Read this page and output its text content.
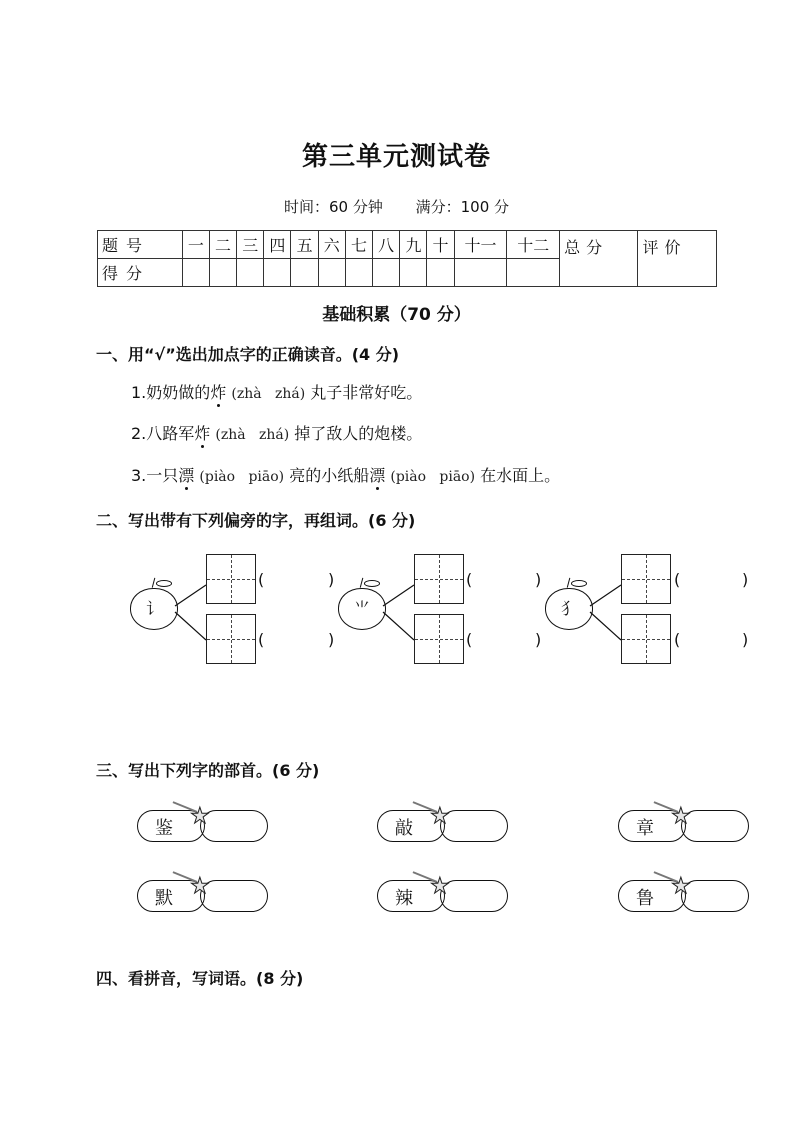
第三单元测试卷
时间：60 分钟 满分：100 分
题号	一	二	三	四	五	六	七	八	九	十	十一	十二	总分	评价
得分														
基础积累（70 分）
一、用“√”选出加点字的正确读音。(4 分)
1.奶奶做的炸 (zhà zhá) 丸子非常好吃。
2.八路军炸 (zhà zhá) 掉了敌人的炮楼。
3.一只漂 (piào piāo) 亮的小纸船漂 (piào piāo) 在水面上。
二、写出带有下列偏旁的字，再组词。(6 分)
讠
(	)
(	)
⺌
(	)
(	)
犭
(	)
(	)
三、写出下列字的部首。(6 分)
鉴 ★	敲 ★	章 ★
默 ★	辣 ★	鲁 ★
四、看拼音，写词语。(8 分)
